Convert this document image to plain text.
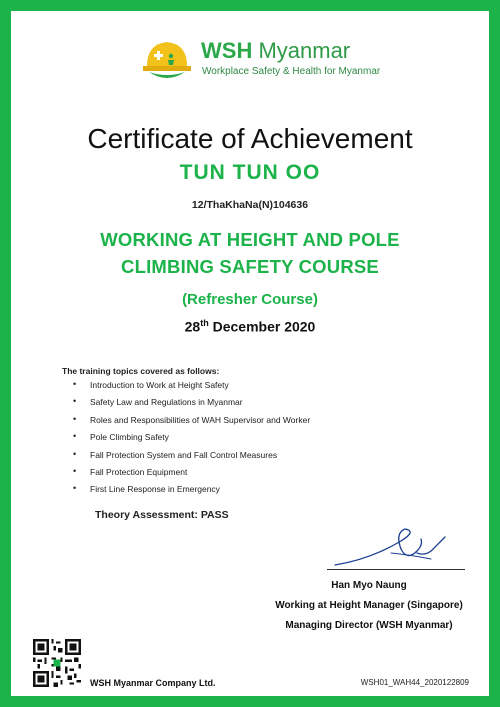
WSH Myanmar
Workplace Safety & Health for Myanmar
Certificate of Achievement
TUN TUN OO
12/ThaKhaNa(N)104636
WORKING AT HEIGHT AND POLE
CLIMBING SAFETY COURSE
(Refresher Course)
28th December 2020
The training topics covered as follows:
• Introduction to Work at Height Safety
• Safety Law and Regulations in Myanmar
• Roles and Responsibilities of WAH Supervisor and Worker
• Pole Climbing Safety
• Fall Protection System and Fall Control Measures
• Fall Protection Equipment
• First Line Response in Emergency
Theory Assessment: PASS
Han Myo Naung
Working at Height Manager (Singapore)
Managing Director (WSH Myanmar)
WSH Myanmar Company Ltd.	WSH01_WAH44_2020122809
